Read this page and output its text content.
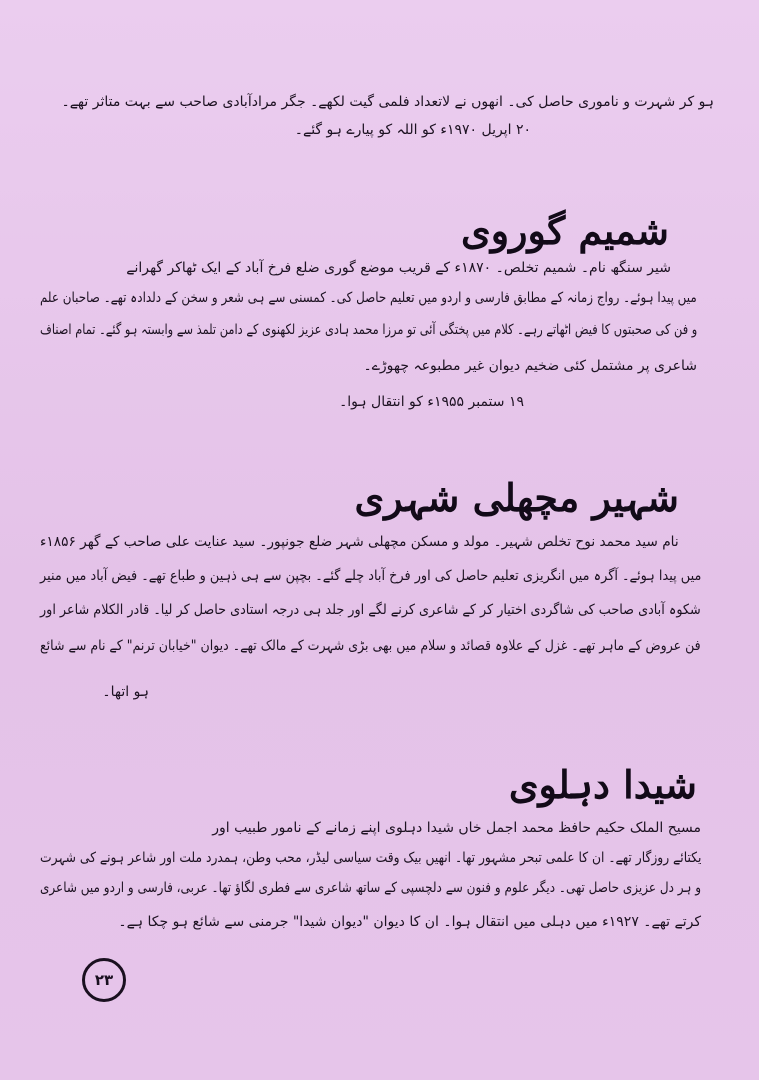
ہو کر شہرت و ناموری حاصل کی۔ انھوں نے لاتعداد فلمی گیت لکھے۔ جگر مرادآبادی صاحب سے بہت متاثر تھے۔
۲۰ اپریل ۱۹۷۰ء کو اللہ کو پیارے ہو گئے۔
شمیم گوروی
شیر سنگھ نام۔ شمیم تخلص۔ ۱۸۷۰ء کے قریب موضع گوری ضلع فرخ آباد کے ایک ٹھاکر گھرانے
میں پیدا ہوئے۔ رواج زمانہ کے مطابق فارسی و اردو میں تعلیم حاصل کی۔ کمسنی سے ہی شعر و سخن کے دلدادہ تھے۔ صاحبان علم
و فن کی صحبتوں کا فیض اٹھاتے رہے۔ کلام میں پختگی آئی تو مرزا محمد ہادی عزیز لکھنوی کے دامن تلمذ سے وابستہ ہو گئے۔ تمام اصناف
شاعری پر مشتمل کئی ضخیم دیوان غیر مطبوعہ چھوڑے۔
۱۹ ستمبر ۱۹۵۵ء کو انتقال ہوا۔
شہیر مچھلی شہری
نام سید محمد نوح تخلص شہیر۔ مولد و مسکن مچھلی شہر ضلع جونپور۔ سید عنایت علی صاحب کے گھر ۱۸۵۶ء
میں پیدا ہوئے۔ آگرہ میں انگریزی تعلیم حاصل کی اور فرخ آباد چلے گئے۔ بچپن سے ہی ذہین و طباع تھے۔ فیض آباد میں منیر
شکوہ آبادی صاحب کی شاگردی اختیار کر کے شاعری کرنے لگے اور جلد ہی درجہ استادی حاصل کر لیا۔ قادر الکلام شاعر اور
فن عروض کے ماہر تھے۔ غزل کے علاوہ قصائد و سلام میں بھی بڑی شہرت کے مالک تھے۔ دیوان "خیابان ترنم" کے نام سے شائع
ہو اتھا۔
شیدا دہلوی
مسیح الملک حکیم حافظ محمد اجمل خاں شیدا دہلوی اپنے زمانے کے نامور طبیب اور
یکتائے روزگار تھے۔ ان کا علمی تبحر مشہور تھا۔ انھیں بیک وقت سیاسی لیڈر، محب وطن، ہمدرد ملت اور شاعر ہونے کی شہرت
و ہر دل عزیزی حاصل تھی۔ دیگر علوم و فنون سے دلچسپی کے ساتھ شاعری سے فطری لگاؤ تھا۔ عربی، فارسی و اردو میں شاعری
کرتے تھے۔ ۱۹۲۷ء میں دہلی میں انتقال ہوا۔ ان کا دیوان "دیوان شیدا" جرمنی سے شائع ہو چکا ہے۔
۲۳
